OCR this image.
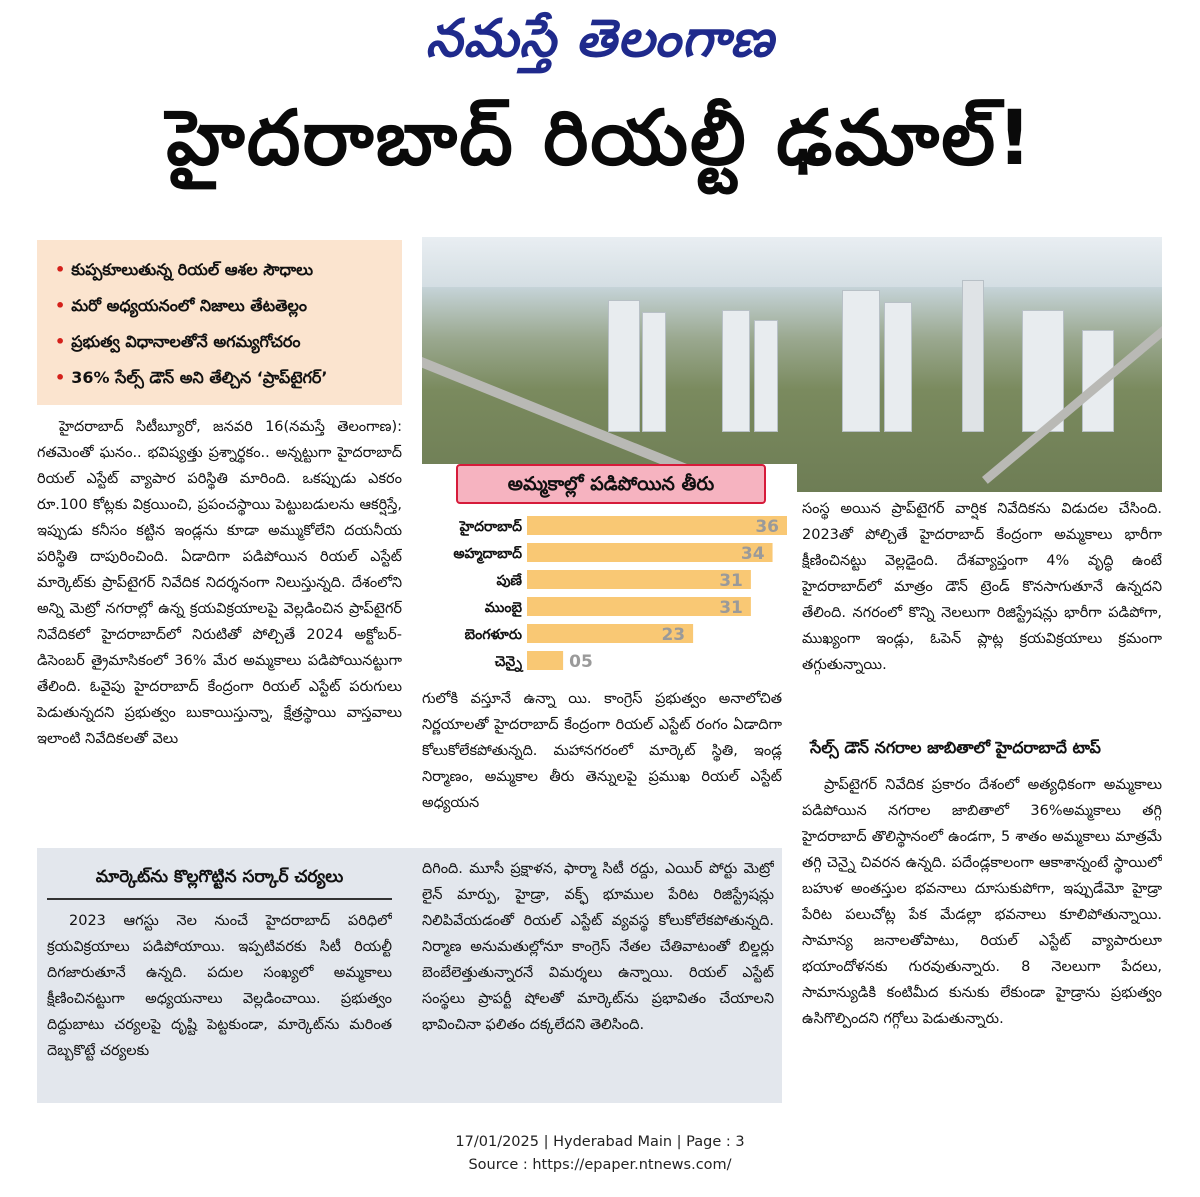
నమస్తే తెలంగాణ
హైదరాబాద్ రియల్టీ ఢమాల్!
• కుప్పకూలుతున్న రియల్ ఆశల సౌధాలు
• మరో అధ్యయనంలో నిజాలు తేటతెల్లం
• ప్రభుత్వ విధానాలతోనే అగమ్యగోచరం
• 36% సేల్స్ డౌన్ అని తేల్చిన ‘ప్రాప్‌టైగర్’

హైదరాబాద్ సిటీబ్యూరో, జనవరి 16(నమస్తే తెలంగాణ): గతమెంతో ఘనం.. భవిష్యత్తు ప్రశ్నార్థకం.. అన్నట్టుగా హైదరాబాద్ రియల్ ఎస్టేట్ వ్యాపార పరిస్థితి మారింది. ఒకప్పుడు ఎకరం రూ.100 కోట్లకు విక్రయించి, ప్రపంచస్థాయి పెట్టుబడులను ఆకర్షిస్తే, ఇప్పుడు కనీసం కట్టిన ఇండ్లను కూడా అమ్ముకోలేని దయనీయ పరిస్థితి దాపురించింది. ఏడాదిగా పడిపోయిన రియల్ ఎస్టేట్ మార్కెట్‌కు ప్రాప్‌టైగర్ నివేదిక నిదర్శనంగా నిలుస్తున్నది. దేశంలోని అన్ని మెట్రో నగరాల్లో ఉన్న క్రయవిక్రయాలపై వెల్లడించిన ప్రాప్‌టైగర్ నివేదికలో హైదరాబాద్‌లో నిరుటితో పోల్చితే 2024 అక్టోబర్-డిసెంబర్ త్రైమాసికంలో 36% మేర అమ్మకాలు పడిపోయినట్టుగా తేలింది. ఓవైపు హైదరాబాద్ కేంద్రంగా రియల్ ఎస్టేట్ పరుగులు పెడుతున్నదని ప్రభుత్వం బుకాయిస్తున్నా, క్షేత్రస్థాయి వాస్తవాలు ఇలాంటి నివేదికలతో వెలు

అమ్మకాల్లో పడిపోయిన తీరు
హైదరాబాద్	36
అహ్మదాబాద్	34
పుణే	31
ముంబై	31
బెంగళూరు	23
చెన్నై	05

గులోకి వస్తూనే ఉన్నా యి. కాంగ్రెస్ ప్రభుత్వం అనాలోచిత నిర్ణయాలతో హైదరాబాద్ కేంద్రంగా రియల్ ఎస్టేట్ రంగం ఏడాదిగా కోలుకోలేకపోతున్నది. మహానగరంలో మార్కెట్ స్థితి, ఇండ్ల నిర్మాణం, అమ్మకాల తీరు తెన్నులపై ప్రముఖ రియల్ ఎస్టేట్ అధ్యయన

సంస్థ అయిన ప్రాప్‌టైగర్ వార్షిక నివేదికను విడుదల చేసింది. 2023తో పోల్చితే హైదరాబాద్ కేంద్రంగా అమ్మకాలు భారీగా క్షీణించినట్టు వెల్లడైంది. దేశవ్యాప్తంగా 4% వృద్ధి ఉంటే హైదరాబాద్‌లో మాత్రం డౌన్ ట్రెండ్ కొనసాగుతూనే ఉన్నదని తేలింది. నగరంలో కొన్ని నెలలుగా రిజిస్ట్రేషన్లు భారీగా పడిపోగా, ముఖ్యంగా ఇండ్లు, ఓపెన్ ప్లాట్ల క్రయవిక్రయాలు క్రమంగా తగ్గుతున్నాయి.

సేల్స్ డౌన్ నగరాల జాబితాలో హైదరాబాదే టాప్

ప్రాప్‌టైగర్ నివేదిక ప్రకారం దేశంలో అత్యధికంగా అమ్మకాలు పడిపోయిన నగరాల జాబితాలో 36%అమ్మకాలు తగ్గి హైదరాబాద్ తొలిస్థానంలో ఉండగా, 5 శాతం అమ్మకాలు మాత్రమే తగ్గి చెన్నై చివరన ఉన్నది. పదేండ్లకాలంగా ఆకాశాన్నంటే స్థాయిలో బహుళ అంతస్తుల భవనాలు దూసుకుపోగా, ఇప్పుడేమో హైడ్రా పేరిట పలుచోట్ల పేక మేడల్లా భవనాలు కూలిపోతున్నాయి. సామాన్య జనాలతోపాటు, రియల్ ఎస్టేట్ వ్యాపారులూ భయాందోళనకు గురవుతున్నారు. 8 నెలలుగా పేదలు, సామాన్యుడికి కంటిమీద కునుకు లేకుండా హైడ్రాను ప్రభుత్వం ఉసిగొల్పిందని గగ్గోలు పెడుతున్నారు.

మార్కెట్‌ను కొల్లగొట్టిన సర్కార్ చర్యలు

2023 ఆగస్టు నెల నుంచే హైదరాబాద్ పరిధిలో క్రయవిక్రయాలు పడిపోయాయి. ఇప్పటివరకు సిటీ రియల్టీ దిగజారుతూనే ఉన్నది. పదుల సంఖ్యలో అమ్మకాలు క్షీణించినట్టుగా అధ్యయనాలు వెల్లడించాయి. ప్రభుత్వం దిద్దుబాటు చర్యలపై దృష్టి పెట్టకుండా, మార్కెట్‌ను మరింత దెబ్బకొట్టే చర్యలకు

దిగింది. మూసీ ప్రక్షాళన, ఫార్మా సిటీ రద్దు, ఎయిర్ పోర్టు మెట్రో లైన్ మార్పు, హైడ్రా, వక్ఫ్ భూముల పేరిట రిజిస్ట్రేషన్లు నిలిపివేయడంతో రియల్ ఎస్టేట్ వ్యవస్థ కోలుకోలేకపోతున్నది. నిర్మాణ అనుమతుల్లోనూ కాంగ్రెస్ నేతల చేతివాటంతో బిల్డర్లు బెంబేలెత్తుతున్నారనే విమర్శలు ఉన్నాయి. రియల్ ఎస్టేట్ సంస్థలు ప్రాపర్టీ షోలతో మార్కెట్‌ను ప్రభావితం చేయాలని భావించినా ఫలితం దక్కలేదని తెలిసింది.

17/01/2025 | Hyderabad Main | Page : 3
Source : https://epaper.ntnews.com/
